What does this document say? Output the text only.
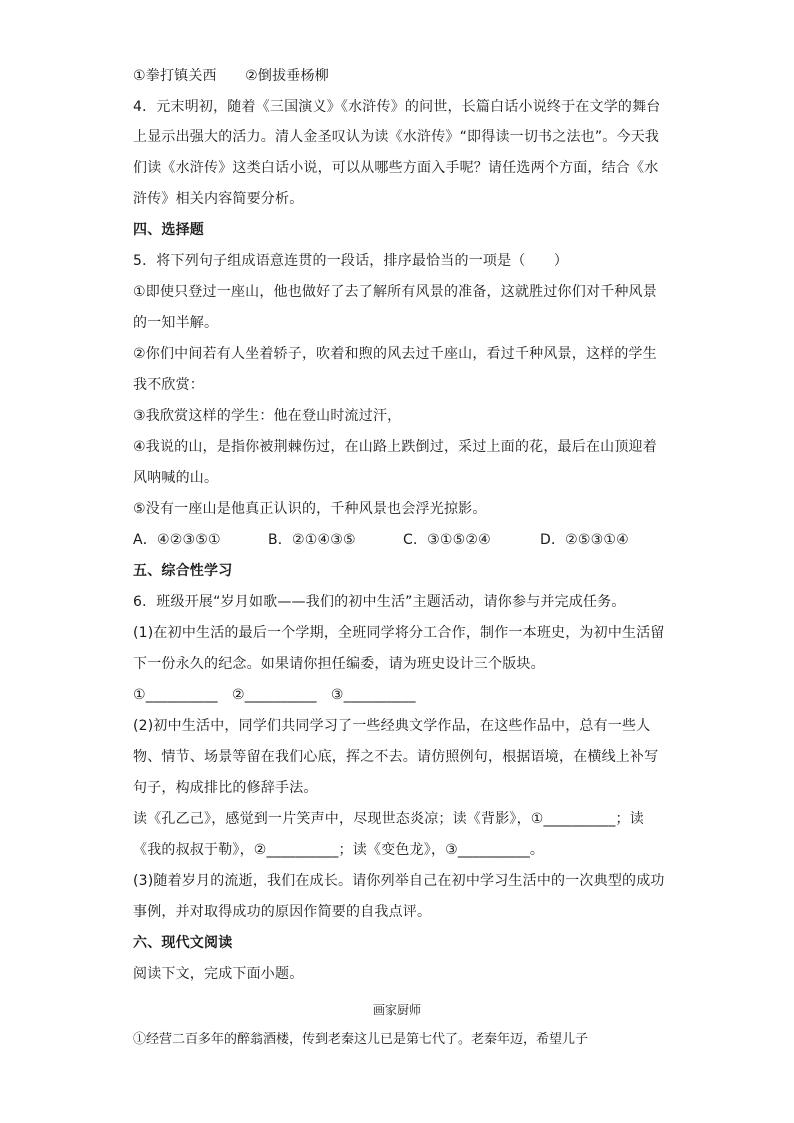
①拳打镇关西　　②倒拔垂杨柳
4．元末明初，随着《三国演义》《水浒传》的问世，长篇白话小说终于在文学的舞台
上显示出强大的活力。清人金圣叹认为读《水浒传》“即得读一切书之法也”。今天我
们读《水浒传》这类白话小说，可以从哪些方面入手呢？请任选两个方面，结合《水
浒传》相关内容简要分析。
四、选择题
5．将下列句子组成语意连贯的一段话，排序最恰当的一项是（　　）
①即使只登过一座山，他也做好了去了解所有风景的准备，这就胜过你们对千种风景
的一知半解。
②你们中间若有人坐着轿子，吹着和煦的风去过千座山，看过千种风景，这样的学生
我不欣赏：
③我欣赏这样的学生：他在登山时流过汗，
④我说的山，是指你被荆棘伤过，在山路上跌倒过，采过上面的花，最后在山顶迎着
风呐喊的山。
⑤没有一座山是他真正认识的，千种风景也会浮光掠影。
A．④②③⑤①	B．②①④③⑤	C．③①⑤②④	D．②⑤③①④
五、综合性学习
6．班级开展“岁月如歌——我们的初中生活”主题活动，请你参与并完成任务。
(1)在初中生活的最后一个学期，全班同学将分工合作，制作一本班史，为初中生活留
下一份永久的纪念。如果请你担任编委，请为班史设计三个版块。
①__________　②__________　③__________
(2)初中生活中，同学们共同学习了一些经典文学作品，在这些作品中，总有一些人
物、情节、场景等留在我们心底，挥之不去。请仿照例句，根据语境，在横线上补写
句子，构成排比的修辞手法。
读《孔乙己》，感觉到一片笑声中，尽现世态炎凉；读《背影》，①__________；读
《我的叔叔于勒》，②__________；读《变色龙》，③__________。
(3)随着岁月的流逝，我们在成长。请你列举自己在初中学习生活中的一次典型的成功
事例，并对取得成功的原因作简要的自我点评。
六、现代文阅读
阅读下文，完成下面小题。
画家厨师
①经营二百多年的醉翁酒楼，传到老秦这儿已是第七代了。老秦年迈，希望儿子
